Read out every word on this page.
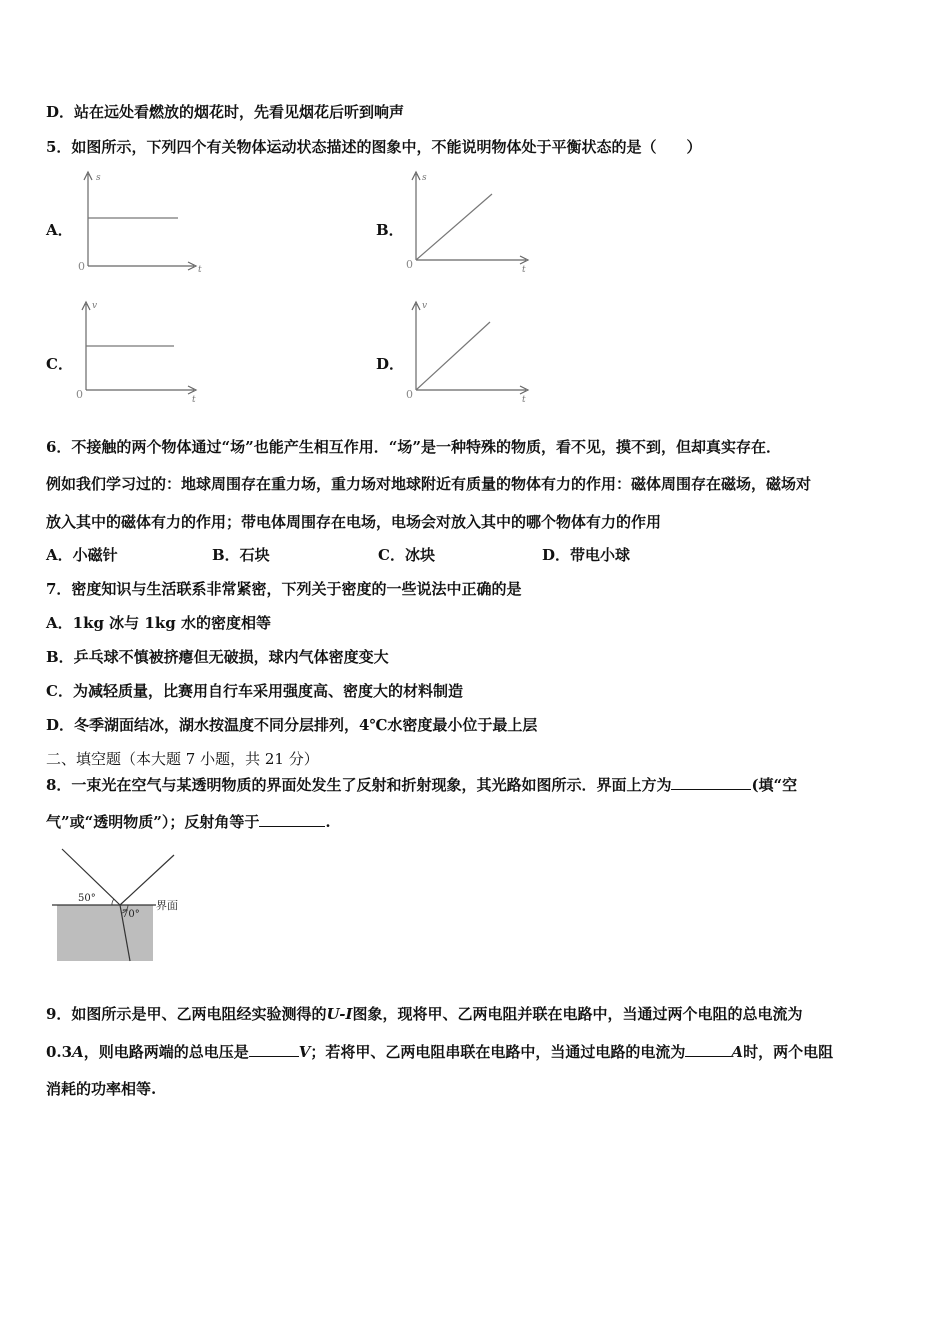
D．站在远处看燃放的烟花时，先看见烟花后听到响声
5．如图所示，下列四个有关物体运动状态描述的图象中，不能说明物体处于平衡状态的是（　　）
A．
s
t
0
B．
s
t
0
C．
v
t
0
D．
v
t
0
6．不接触的两个物体通过“场”也能产生相互作用．“场”是一种特殊的物质，看不见，摸不到，但却真实存在．
例如我们学习过的：地球周围存在重力场，重力场对地球附近有质量的物体有力的作用：磁体周围存在磁场，磁场对
放入其中的磁体有力的作用；带电体周围存在电场，电场会对放入其中的哪个物体有力的作用
A．小磁针	B．石块	C．冰块	D．带电小球
7．密度知识与生活联系非常紧密，下列关于密度的一些说法中正确的是
A．1kg 冰与 1kg 水的密度相等
B．乒乓球不慎被挤瘪但无破损，球内气体密度变大
C．为减轻质量，比赛用自行车采用强度高、密度大的材料制造
D．冬季湖面结冰，湖水按温度不同分层排列，4℃水密度最小位于最上层
二、填空题（本大题 7 小题，共 21 分）
8．一束光在空气与某透明物质的界面处发生了反射和折射现象，其光路如图所示．界面上方为	(填“空
气”或“透明物质”）；反射角等于	.
50°
70°
界面
9．如图所示是甲、乙两电阻经实验测得的U-I图象，现将甲、乙两电阻并联在电路中，当通过两个电阻的总电流为
0.3A，则电路两端的总电压是	V；若将甲、乙两电阻串联在电路中，当通过电路的电流为	A时，两个电阻
消耗的功率相等.
